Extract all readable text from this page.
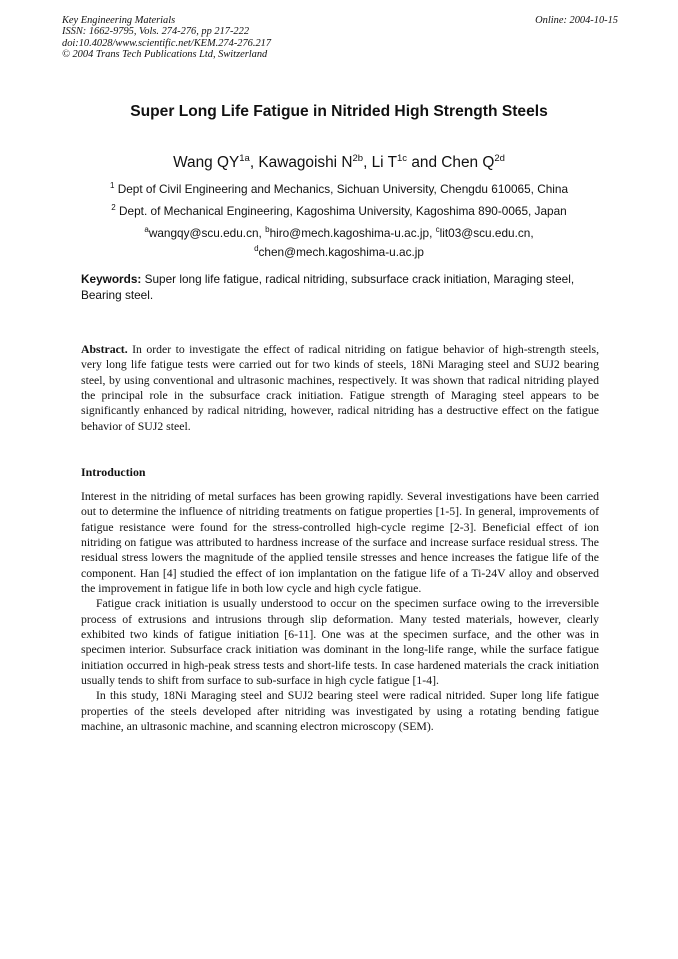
Key Engineering Materials
ISSN: 1662-9795, Vols. 274-276, pp 217-222
doi:10.4028/www.scientific.net/KEM.274-276.217
© 2004 Trans Tech Publications Ltd, Switzerland
Online: 2004-10-15
Super Long Life Fatigue in Nitrided High Strength Steels
Wang $QY^{1a}$, Kawagoishi $N^{2b}$, Li $T^{1c}$ and Chen $Q^{2d}$
$^1$ Dept of Civil Engineering and Mechanics, Sichuan University, Chengdu 610065, China
$^2$ Dept. of Mechanical Engineering, Kagoshima University, Kagoshima 890-0065, Japan
$^a$wangqy@scu.edu.cn, $^b$hiro@mech.kagoshima-u.ac.jp, $^c$lit03@scu.edu.cn,
$^d$chen@mech.kagoshima-u.ac.jp
Keywords: Super long life fatigue, radical nitriding, subsurface crack initiation, Maraging steel, Bearing steel.
Abstract. In order to investigate the effect of radical nitriding on fatigue behavior of high-strength steels, very long life fatigue tests were carried out for two kinds of steels, 18Ni Maraging steel and SUJ2 bearing steel, by using conventional and ultrasonic machines, respectively. It was shown that radical nitriding played the principal role in the subsurface crack initiation. Fatigue strength of Maraging steel appears to be significantly enhanced by radical nitriding, however, radical nitriding has a destructive effect on the fatigue behavior of SUJ2 steel.
Introduction

Interest in the nitriding of metal surfaces has been growing rapidly. Several investigations have been carried out to determine the influence of nitriding treatments on fatigue properties [1-5]. In general, improvements of fatigue resistance were found for the stress-controlled high-cycle regime [2-3]. Beneficial effect of ion nitriding on fatigue was attributed to hardness increase of the surface and increase surface residual stress. The residual stress lowers the magnitude of the applied tensile stresses and hence increases the fatigue life of the component. Han [4] studied the effect of ion implantation on the fatigue life of a Ti-24V alloy and observed the improvement in fatigue life in both low cycle and high cycle fatigue.

Fatigue crack initiation is usually understood to occur on the specimen surface owing to the irreversible process of extrusions and intrusions through slip deformation. Many tested materials, however, clearly exhibited two kinds of fatigue initiation [6-11]. One was at the specimen surface, and the other was in specimen interior. Subsurface crack initiation was dominant in the long-life range, while the surface fatigue initiation occurred in high-peak stress tests and short-life tests. In case hardened materials the crack initiation usually tends to shift from surface to sub-surface in high cycle fatigue [1-4].

In this study, 18Ni Maraging steel and SUJ2 bearing steel were radical nitrided. Super long life fatigue properties of the steels developed after nitriding was investigated by using a rotating bending fatigue machine, an ultrasonic machine, and scanning electron microscopy (SEM).
